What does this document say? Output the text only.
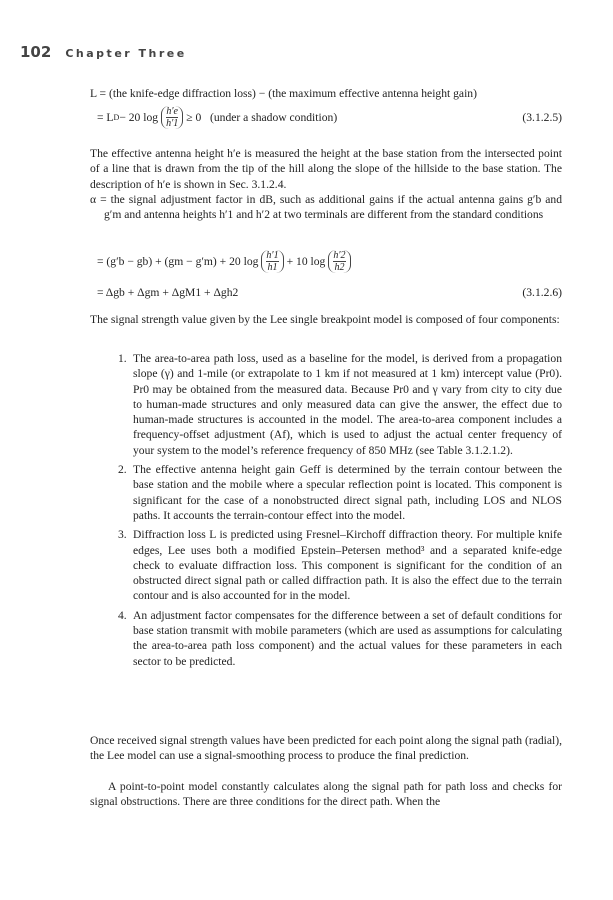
102 Chapter Three
L = (the knife-edge diffraction loss) − (the maximum effective antenna height gain)
= L D − 20 $\log \frac{h'e}{h'1} \ge 0$   (under a shadow condition)	(3.1.2.5)

The effective antenna height h′e is measured the height at the base station from the intersected point of a line that is drawn from the tip of the hill along the slope of the hillside to the base station. The description of h′e is shown in Sec. 3.1.2.4.

α = the signal adjustment factor in dB, such as additional gains if the actual antenna gains g′b and g′m and antenna heights h′1 and h′2 at two terminals are different from the standard conditions

= (g′b − gb) + (gm − g′m) + 20 $\log \frac{h'1}{h1} + 10$ $\log \frac{h'2}{h2}$
= Δgb + Δgm + ΔgM1 + Δgh2	(3.1.2.6)

The signal strength value given by the Lee single breakpoint model is composed of four components:

1. The area-to-area path loss, used as a baseline for the model, is derived from a propagation slope (γ) and 1-mile (or extrapolate to 1 km if not measured at 1 km) intercept value (Pr0). Pr0 may be obtained from the measured data. Because Pr0 and γ vary from city to city due to human-made structures and only measured data can give the answer, the effect due to human-made structures is accounted in the model. The area-to-area component includes a frequency-offset adjustment (Af), which is used to adjust the actual center frequency of your system to the model’s reference frequency of 850 MHz (see Table 3.1.2.1.2).
2. The effective antenna height gain Geff is determined by the terrain contour between the base station and the mobile where a specular reflection point is located. This component is significant for the case of a nonobstructed direct signal path, including LOS and NLOS paths. It accounts the terrain-contour effect into the model.
3. Diffraction loss L is predicted using Fresnel–Kirchoff diffraction theory. For multiple knife edges, Lee uses both a modified Epstein–Petersen method³ and a separated knife-edge check to evaluate diffraction loss. This component is significant for the condition of an obstructed direct signal path or called diffraction path. It is also the effect due to the terrain contour and is also accounted for in the model.
4. An adjustment factor compensates for the difference between a set of default conditions for base station transmit with mobile parameters (which are used as assumptions for calculating the area-to-area path loss component) and the actual values for these parameters in each sector to be predicted.

Once received signal strength values have been predicted for each point along the signal path (radial), the Lee model can use a signal-smoothing process to produce the final prediction.

A point-to-point model constantly calculates along the signal path for path loss and checks for signal obstructions. There are three conditions for the direct path. When the
